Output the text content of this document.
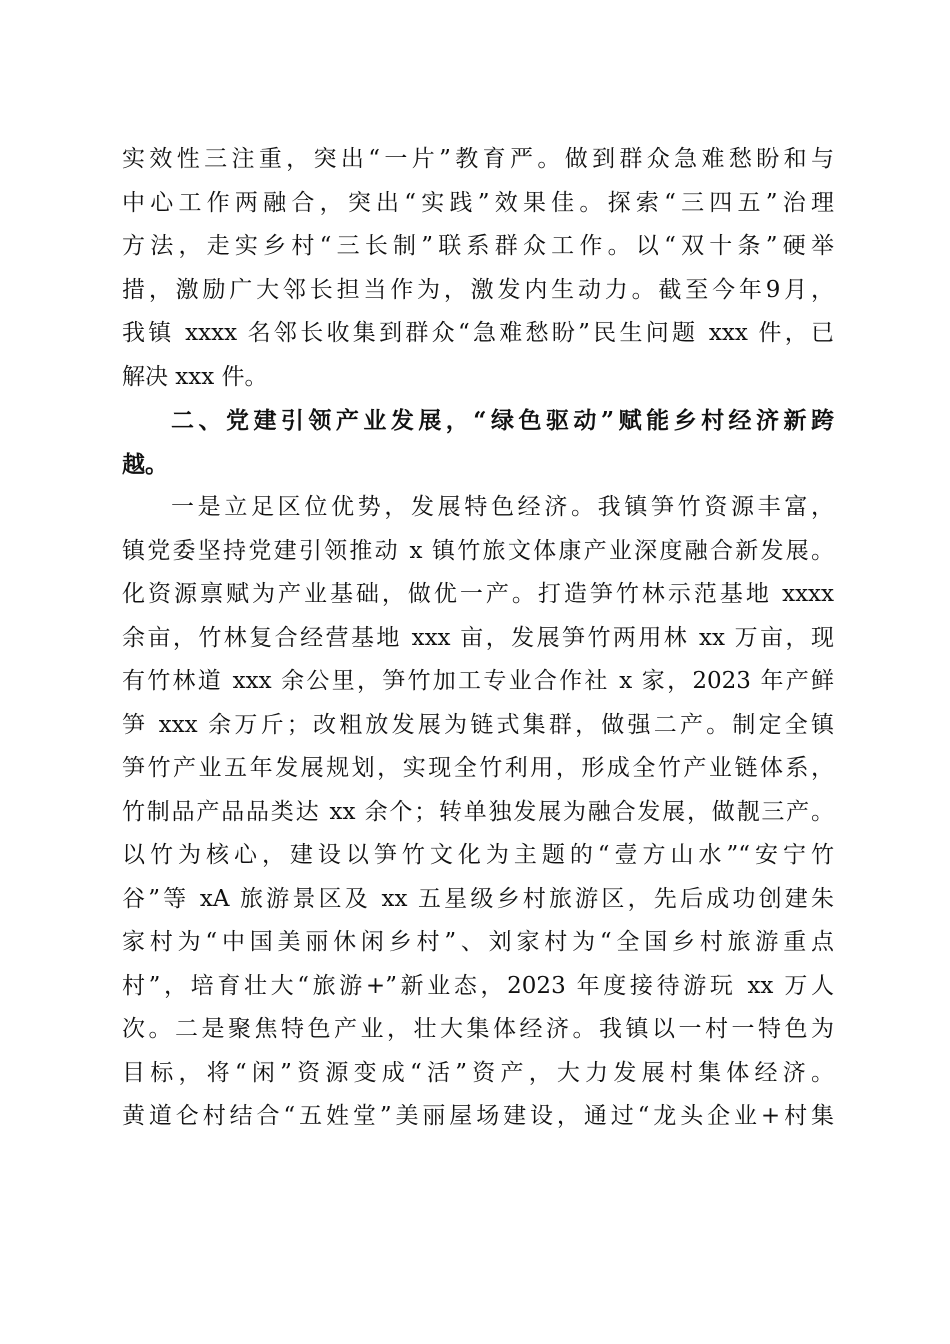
实效性三注重，突出“一片”教育严。做到群众急难愁盼和与
中心工作两融合，突出“实践”效果佳。探索“三四五”治理
方法，走实乡村“三长制”联系群众工作。以“双十条”硬举
措，激励广大邻长担当作为，激发内生动力。截至今年9月，
我镇 xxxx 名邻长收集到群众“急难愁盼”民生问题 xxx 件，已
解决 xxx 件。
二、党建引领产业发展，“绿色驱动”赋能乡村经济新跨
越。
一是立足区位优势，发展特色经济。我镇笋竹资源丰富，
镇党委坚持党建引领推动 x 镇竹旅文体康产业深度融合新发展。
化资源禀赋为产业基础，做优一产。打造笋竹林示范基地 xxxx
余亩，竹林复合经营基地 xxx 亩，发展笋竹两用林 xx 万亩，现
有竹林道 xxx 余公里，笋竹加工专业合作社 x 家，2023 年产鲜
笋 xxx 余万斤；改粗放发展为链式集群，做强二产。制定全镇
笋竹产业五年发展规划，实现全竹利用，形成全竹产业链体系，
竹制品产品品类达 xx 余个；转单独发展为融合发展，做靓三产。
以竹为核心，建设以笋竹文化为主题的“壹方山水”“安宁竹
谷”等 xA 旅游景区及 xx 五星级乡村旅游区，先后成功创建朱
家村为“中国美丽休闲乡村”、刘家村为“全国乡村旅游重点
村”，培育壮大“旅游+”新业态，2023 年度接待游玩 xx 万人
次。二是聚焦特色产业，壮大集体经济。我镇以一村一特色为
目标，将“闲”资源变成“活”资产，大力发展村集体经济。
黄道仑村结合“五姓堂”美丽屋场建设，通过“龙头企业+村集
